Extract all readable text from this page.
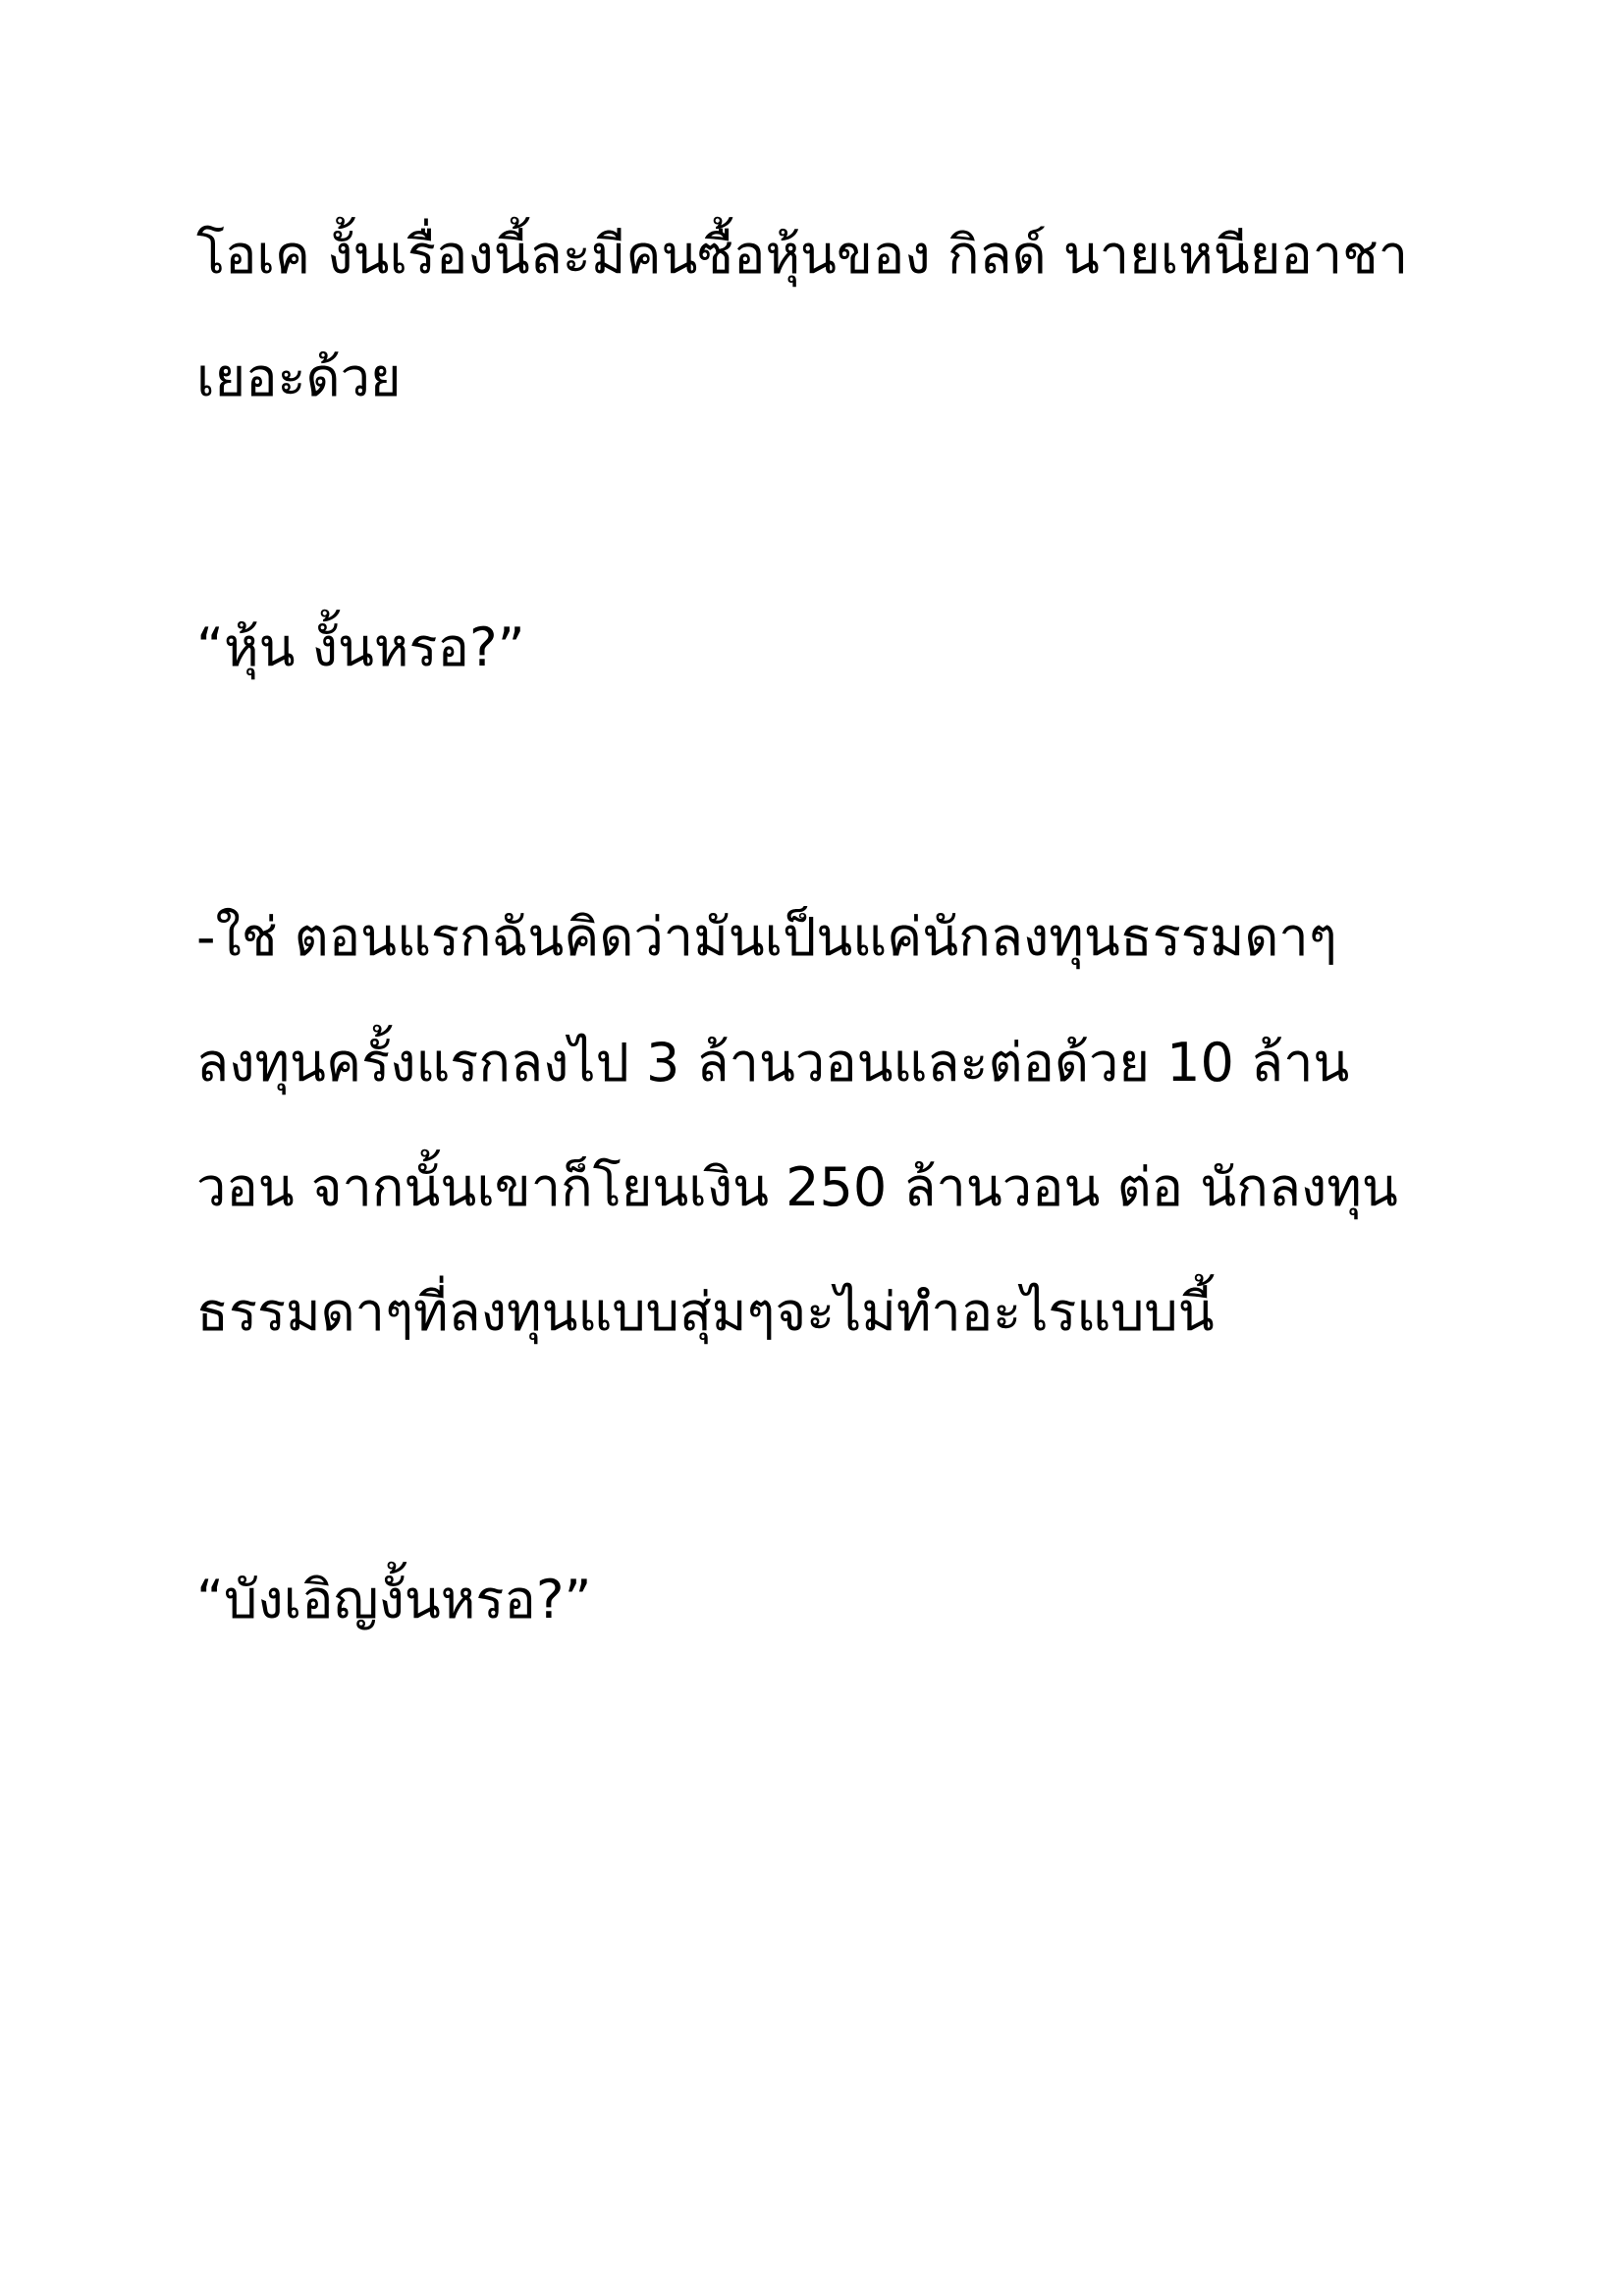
โอเค งั้นเรื่องนี้ละมีคนซื้อหุ้นของ กิลด์ นายเหนียอาชา
เยอะด้วย
“หุ้น งั้นหรอ?”
-ใช่ ตอนแรกฉันคิดว่ามันเป็นแค่นักลงทุนธรรมดาๆ
ลงทุนครั้งแรกลงไป 3 ล้านวอนและต่อด้วย 10 ล้าน
วอน จากนั้นเขาก็โยนเงิน 250 ล้านวอน ต่อ นักลงทุน
ธรรมดาๆที่ลงทุนแบบสุ่มๆจะไม่ทำอะไรแบบนี้
“บังเอิญงั้นหรอ?”
